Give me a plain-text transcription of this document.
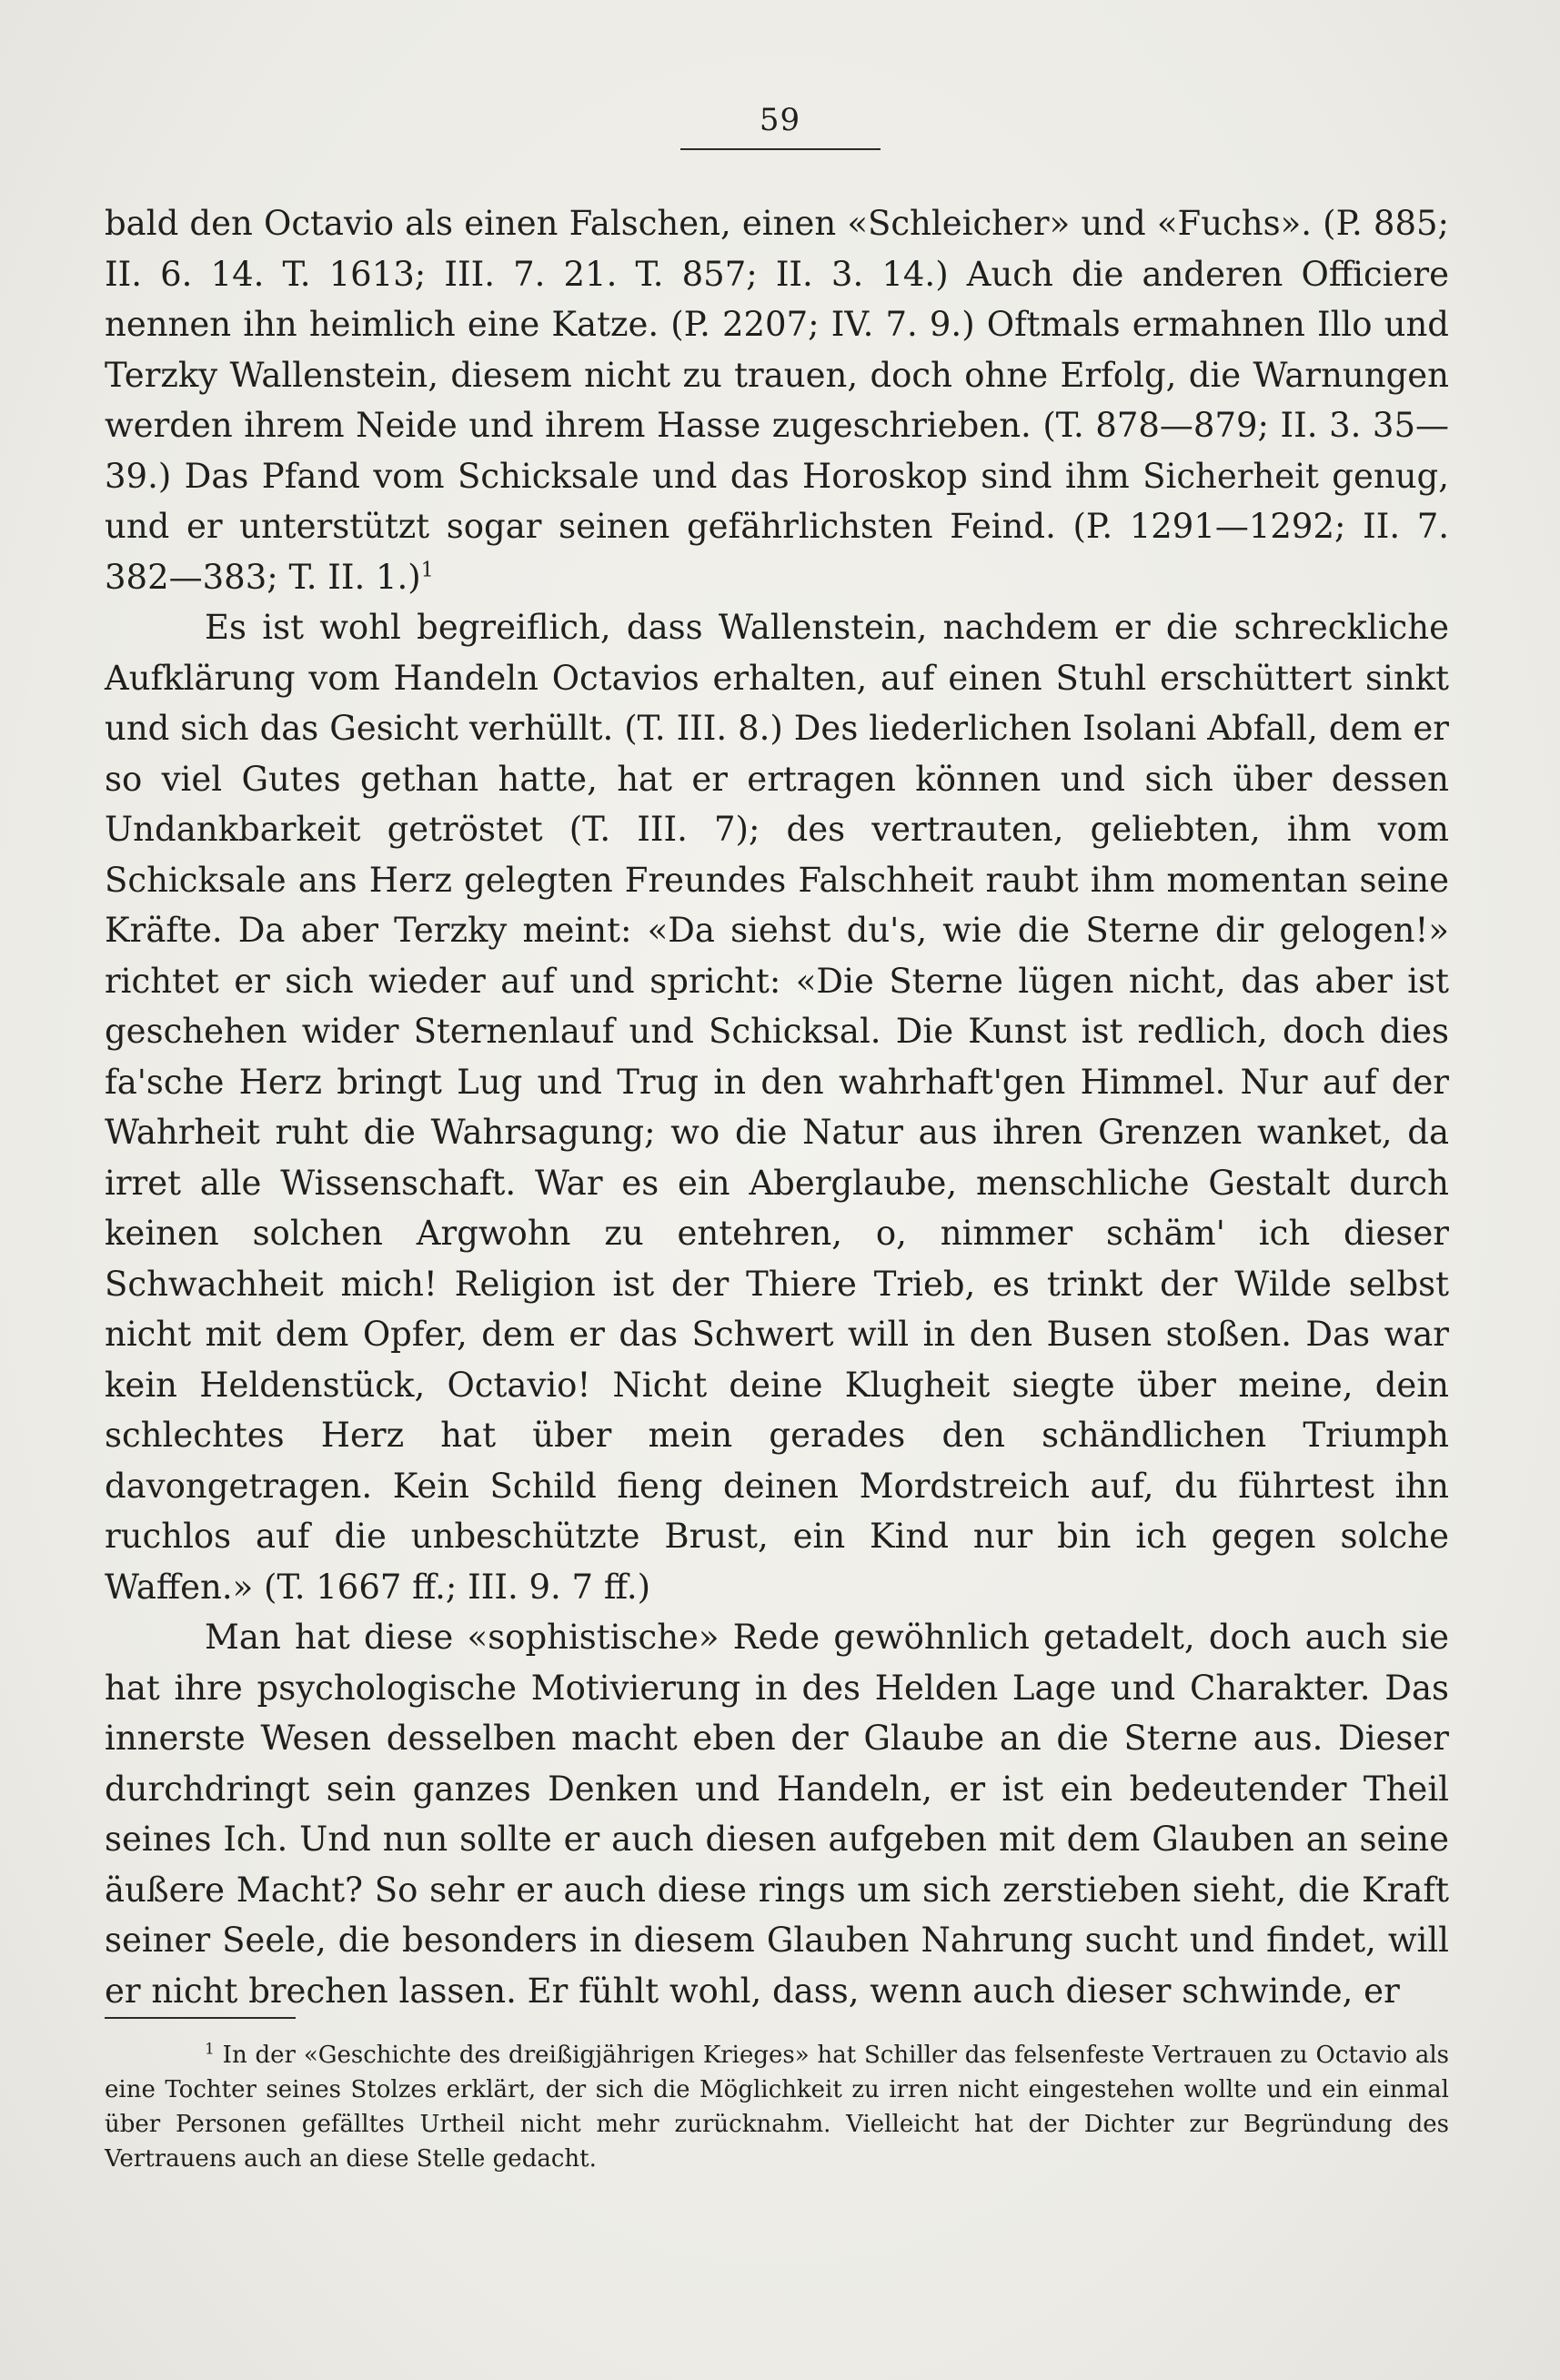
59

bald den Octavio als einen Falschen, einen «Schleicher» und «Fuchs». (P. 885; II. 6. 14. T. 1613; III. 7. 21. T. 857; II. 3. 14.) Auch die anderen Officiere nennen ihn heimlich eine Katze. (P. 2207; IV. 7. 9.) Oftmals ermahnen Illo und Terzky Wallenstein, diesem nicht zu trauen, doch ohne Erfolg, die Warnungen werden ihrem Neide und ihrem Hasse zugeschrieben. (T. 878—879; II. 3. 35—39.) Das Pfand vom Schicksale und das Horoskop sind ihm Sicherheit genug, und er unterstützt sogar seinen gefährlichsten Feind. (P. 1291—1292; II. 7. 382—383; T. II. 1.)$^1$

Es ist wohl begreiflich, dass Wallenstein, nachdem er die schreckliche Aufklärung vom Handeln Octavios erhalten, auf einen Stuhl erschüttert sinkt und sich das Gesicht verhüllt. (T. III. 8.) Des liederlichen Isolani Abfall, dem er so viel Gutes gethan hatte, hat er ertragen können und sich über dessen Undankbarkeit getröstet (T. III. 7); des vertrauten, geliebten, ihm vom Schicksale ans Herz gelegten Freundes Falschheit raubt ihm momentan seine Kräfte. Da aber Terzky meint: «Da siehst du's, wie die Sterne dir gelogen!» richtet er sich wieder auf und spricht: «Die Sterne lügen nicht, das aber ist geschehen wider Sternenlauf und Schicksal. Die Kunst ist redlich, doch dies fa'sche Herz bringt Lug und Trug in den wahrhaft'gen Himmel. Nur auf der Wahrheit ruht die Wahrsagung; wo die Natur aus ihren Grenzen wanket, da irret alle Wissenschaft. War es ein Aberglaube, menschliche Gestalt durch keinen solchen Argwohn zu entehren, o, nimmer schäm' ich dieser Schwachheit mich! Religion ist der Thiere Trieb, es trinkt der Wilde selbst nicht mit dem Opfer, dem er das Schwert will in den Busen stoßen. Das war kein Heldenstück, Octavio! Nicht deine Klugheit siegte über meine, dein schlechtes Herz hat über mein gerades den schändlichen Triumph davongetragen. Kein Schild fieng deinen Mordstreich auf, du führtest ihn ruchlos auf die unbeschützte Brust, ein Kind nur bin ich gegen solche Waffen.» (T. 1667 ff.; III. 9. 7 ff.)

Man hat diese «sophistische» Rede gewöhnlich getadelt, doch auch sie hat ihre psychologische Motivierung in des Helden Lage und Charakter. Das innerste Wesen desselben macht eben der Glaube an die Sterne aus. Dieser durchdringt sein ganzes Denken und Handeln, er ist ein bedeutender Theil seines Ich. Und nun sollte er auch diesen aufgeben mit dem Glauben an seine äußere Macht? So sehr er auch diese rings um sich zerstieben sieht, die Kraft seiner Seele, die besonders in diesem Glauben Nahrung sucht und findet, will er nicht brechen lassen. Er fühlt wohl, dass, wenn auch dieser schwinde, er

$^1$ In der «Geschichte des dreißigjährigen Krieges» hat Schiller das felsenfeste Vertrauen zu Octavio als eine Tochter seines Stolzes erklärt, der sich die Möglichkeit zu irren nicht eingestehen wollte und ein einmal über Personen gefälltes Urtheil nicht mehr zurücknahm. Vielleicht hat der Dichter zur Begründung des Vertrauens auch an diese Stelle gedacht.
